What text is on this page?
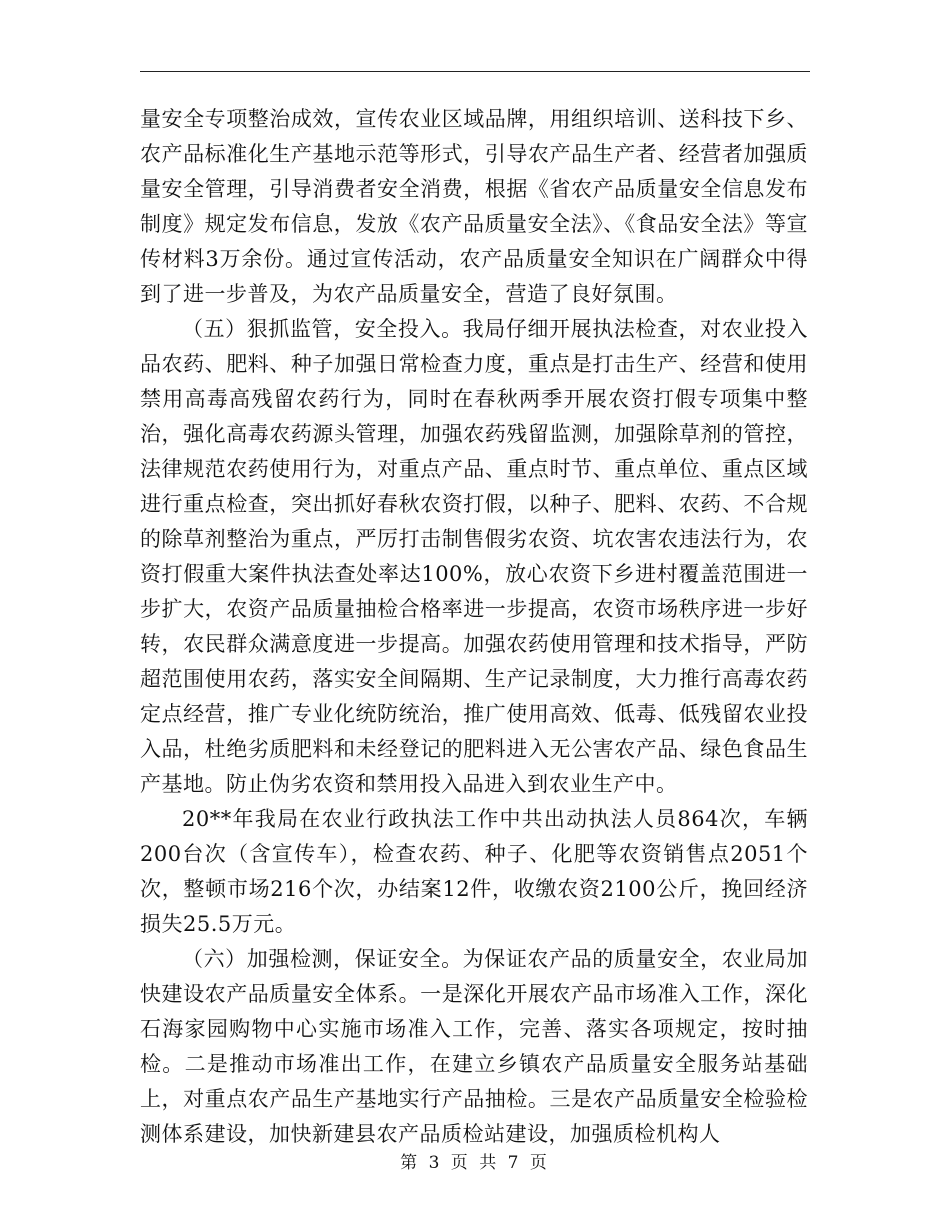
量安全专项整治成效，宣传农业区域品牌，用组织培训、送科技下乡、农产品标准化生产基地示范等形式，引导农产品生产者、经营者加强质量安全管理，引导消费者安全消费，根据《省农产品质量安全信息发布制度》规定发布信息，发放《农产品质量安全法》、《食品安全法》等宣传材料3万余份。通过宣传活动，农产品质量安全知识在广阔群众中得到了进一步普及，为农产品质量安全，营造了良好氛围。

（五）狠抓监管，安全投入。我局仔细开展执法检查，对农业投入品农药、肥料、种子加强日常检查力度，重点是打击生产、经营和使用禁用高毒高残留农药行为，同时在春秋两季开展农资打假专项集中整治，强化高毒农药源头管理，加强农药残留监测，加强除草剂的管控，法律规范农药使用行为，对重点产品、重点时节、重点单位、重点区域进行重点检查，突出抓好春秋农资打假，以种子、肥料、农药、不合规的除草剂整治为重点，严厉打击制售假劣农资、坑农害农违法行为，农资打假重大案件执法查处率达100%，放心农资下乡进村覆盖范围进一步扩大，农资产品质量抽检合格率进一步提高，农资市场秩序进一步好转，农民群众满意度进一步提高。加强农药使用管理和技术指导，严防超范围使用农药，落实安全间隔期、生产记录制度，大力推行高毒农药定点经营，推广专业化统防统治，推广使用高效、低毒、低残留农业投入品，杜绝劣质肥料和未经登记的肥料进入无公害农产品、绿色食品生产基地。防止伪劣农资和禁用投入品进入到农业生产中。

20**年我局在农业行政执法工作中共出动执法人员864次，车辆200台次（含宣传车），检查农药、种子、化肥等农资销售点2051个次，整顿市场216个次，办结案12件，收缴农资2100公斤，挽回经济损失25.5万元。

（六）加强检测，保证安全。为保证农产品的质量安全，农业局加快建设农产品质量安全体系。一是深化开展农产品市场准入工作，深化石海家园购物中心实施市场准入工作，完善、落实各项规定，按时抽检。二是推动市场准出工作，在建立乡镇农产品质量安全服务站基础上，对重点农产品生产基地实行产品抽检。三是农产品质量安全检验检测体系建设，加快新建县农产品质检站建设，加强质检机构人

第 3 页 共 7 页
